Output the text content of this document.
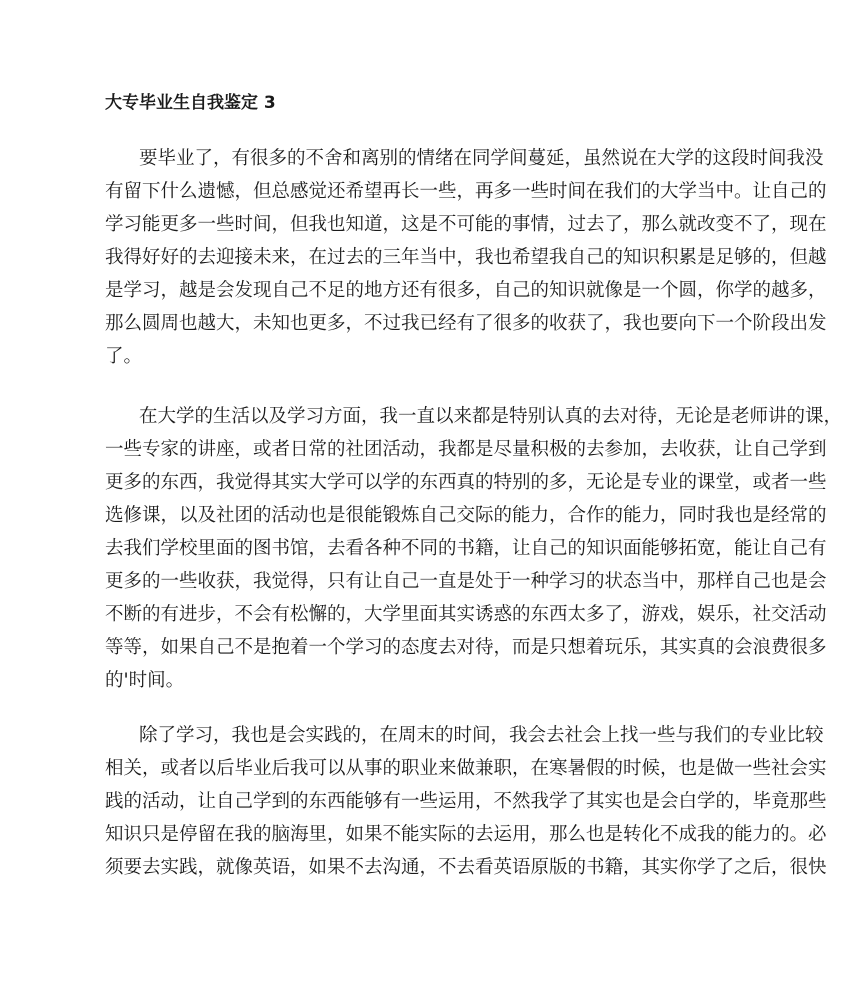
大专毕业生自我鉴定 3
要毕业了，有很多的不舍和离别的情绪在同学间蔓延，虽然说在大学的这段时间我没
有留下什么遗憾，但总感觉还希望再长一些，再多一些时间在我们的大学当中。让自己的
学习能更多一些时间，但我也知道，这是不可能的事情，过去了，那么就改变不了，现在
我得好好的去迎接未来，在过去的三年当中，我也希望我自己的知识积累是足够的，但越
是学习，越是会发现自己不足的地方还有很多，自己的知识就像是一个圆，你学的越多，
那么圆周也越大，未知也更多，不过我已经有了很多的收获了，我也要向下一个阶段出发
了。
在大学的生活以及学习方面，我一直以来都是特别认真的去对待，无论是老师讲的课，
一些专家的讲座，或者日常的社团活动，我都是尽量积极的去参加，去收获，让自己学到
更多的东西，我觉得其实大学可以学的东西真的特别的多，无论是专业的课堂，或者一些
选修课，以及社团的活动也是很能锻炼自己交际的能力，合作的能力，同时我也是经常的
去我们学校里面的图书馆，去看各种不同的书籍，让自己的知识面能够拓宽，能让自己有
更多的一些收获，我觉得，只有让自己一直是处于一种学习的状态当中，那样自己也是会
不断的有进步，不会有松懈的，大学里面其实诱惑的东西太多了，游戏，娱乐，社交活动
等等，如果自己不是抱着一个学习的态度去对待，而是只想着玩乐，其实真的会浪费很多
的'时间。
除了学习，我也是会实践的，在周末的时间，我会去社会上找一些与我们的专业比较
相关，或者以后毕业后我可以从事的职业来做兼职，在寒暑假的时候，也是做一些社会实
践的活动，让自己学到的东西能够有一些运用，不然我学了其实也是会白学的，毕竟那些
知识只是停留在我的脑海里，如果不能实际的去运用，那么也是转化不成我的能力的。必
须要去实践，就像英语，如果不去沟通，不去看英语原版的书籍，其实你学了之后，很快
